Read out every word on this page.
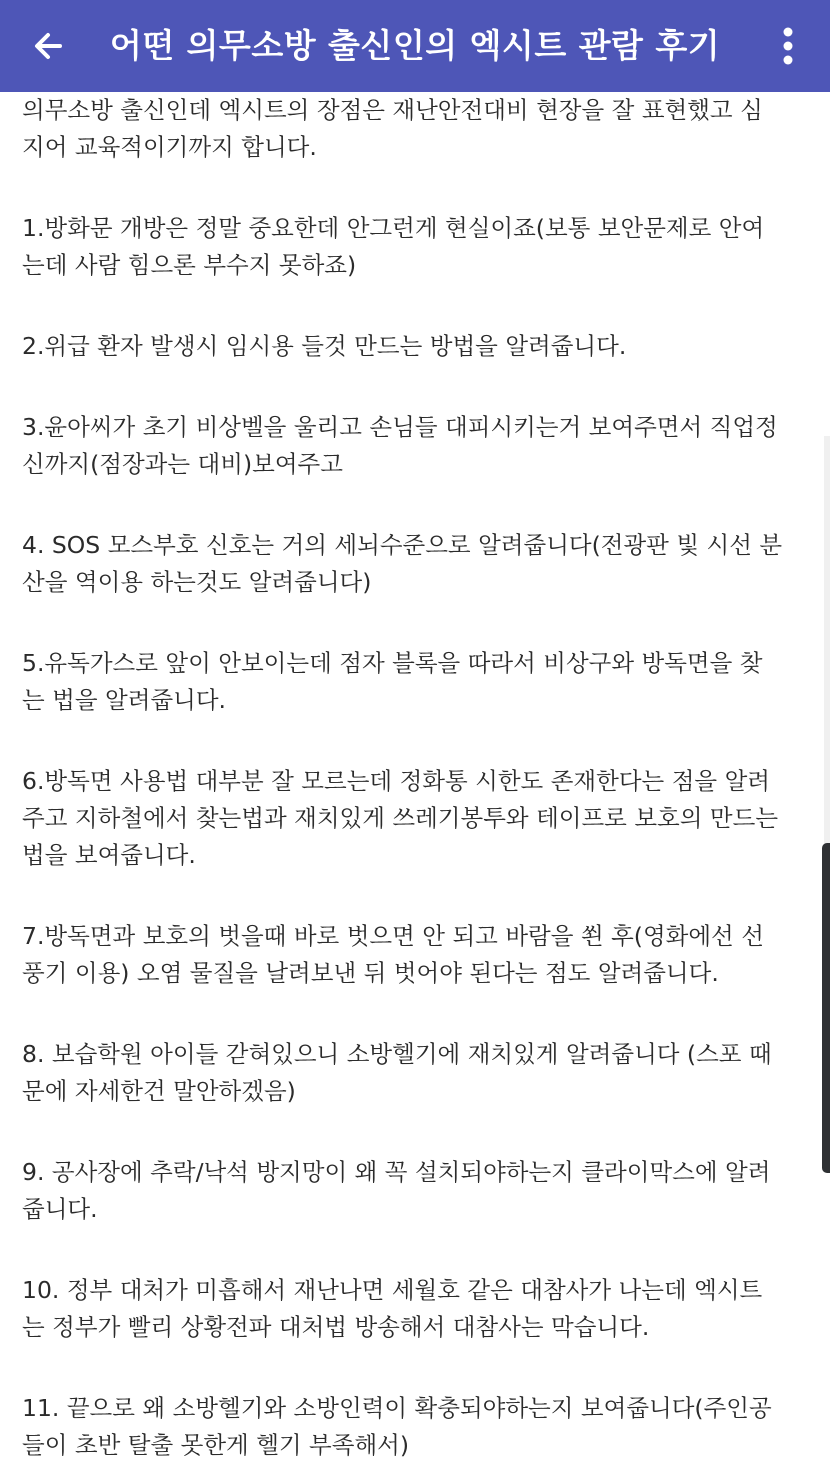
어떤 의무소방 출신인의 엑시트 관람 후기

의무소방 출신인데 엑시트의 장점은 재난안전대비 현장을 잘 표현했고 심
지어 교육적이기까지 합니다.

1.방화문 개방은 정말 중요한데 안그런게 현실이죠(보통 보안문제로 안여
는데 사람 힘으론 부수지 못하죠)

2.위급 환자 발생시 임시용 들것 만드는 방법을 알려줍니다.

3.윤아씨가 초기 비상벨을 울리고 손님들 대피시키는거 보여주면서 직업정
신까지(점장과는 대비)보여주고

4. SOS 모스부호 신호는 거의 세뇌수준으로 알려줍니다(전광판 빛 시선 분
산을 역이용 하는것도 알려줍니다)

5.유독가스로 앞이 안보이는데 점자 블록을 따라서 비상구와 방독면을 찾
는 법을 알려줍니다.

6.방독면 사용법 대부분 잘 모르는데 정화통 시한도 존재한다는 점을 알려
주고 지하철에서 찾는법과 재치있게 쓰레기봉투와 테이프로 보호의 만드는
법을 보여줍니다.

7.방독면과 보호의 벗을때 바로 벗으면 안 되고 바람을 쐰 후(영화에선 선
풍기 이용) 오염 물질을 날려보낸 뒤 벗어야 된다는 점도 알려줍니다.

8. 보습학원 아이들 갇혀있으니 소방헬기에 재치있게 알려줍니다 (스포 때
문에 자세한건 말안하겠음)

9. 공사장에 추락/낙석 방지망이 왜 꼭 설치되야하는지 클라이막스에 알려
줍니다.

10. 정부 대처가 미흡해서 재난나면 세월호 같은 대참사가 나는데 엑시트
는 정부가 빨리 상황전파 대처법 방송해서 대참사는 막습니다.

11. 끝으로 왜 소방헬기와 소방인력이 확충되야하는지 보여줍니다(주인공
들이 초반 탈출 못한게 헬기 부족해서)
